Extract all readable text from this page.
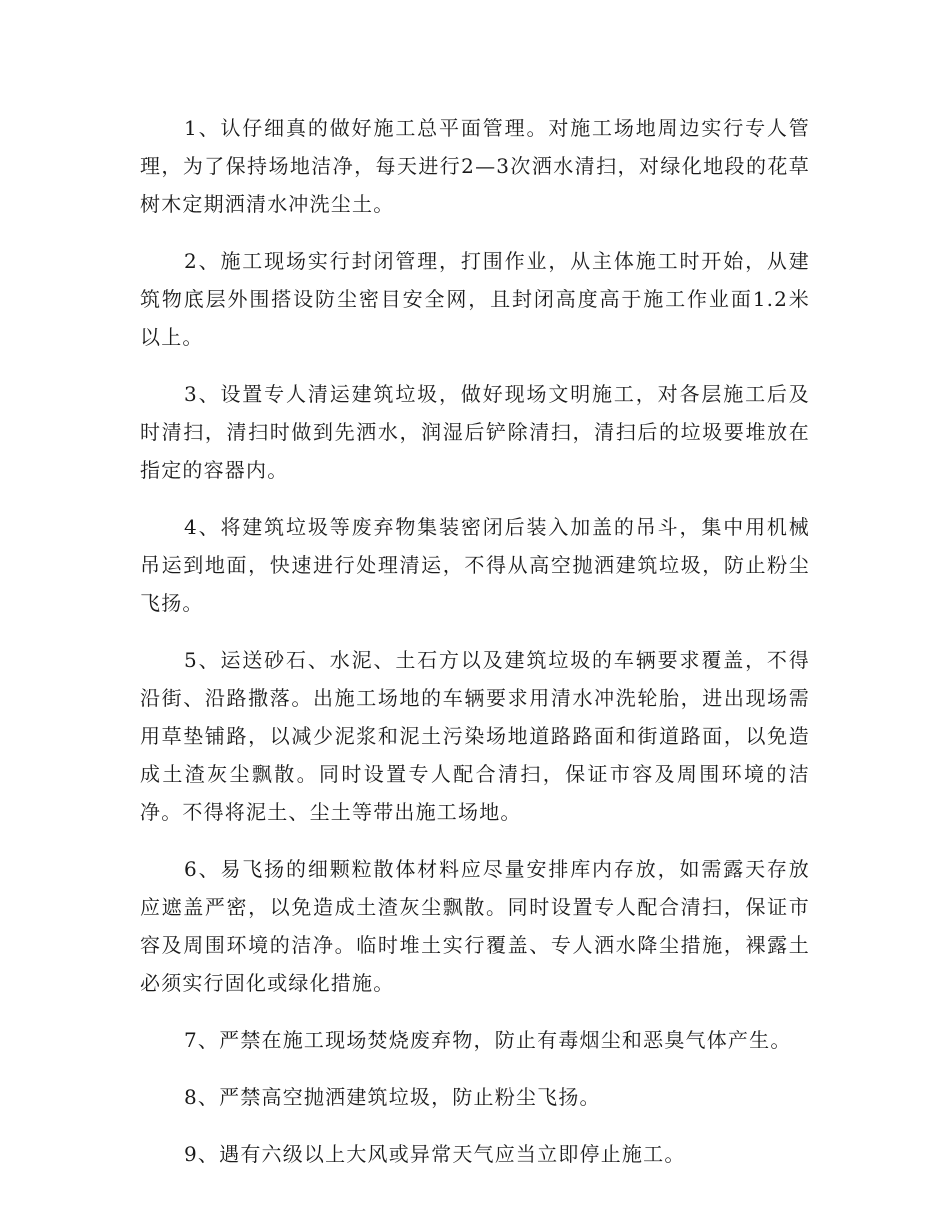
1、认仔细真的做好施工总平面管理。对施工场地周边实行专人管理，为了保持场地洁净，每天进行2—3次洒水清扫，对绿化地段的花草树木定期洒清水冲洗尘土。

2、施工现场实行封闭管理，打围作业，从主体施工时开始，从建筑物底层外围搭设防尘密目安全网，且封闭高度高于施工作业面1.2米以上。

3、设置专人清运建筑垃圾，做好现场文明施工，对各层施工后及时清扫，清扫时做到先洒水，润湿后铲除清扫，清扫后的垃圾要堆放在指定的容器内。

4、将建筑垃圾等废弃物集装密闭后装入加盖的吊斗，集中用机械吊运到地面，快速进行处理清运，不得从高空抛洒建筑垃圾，防止粉尘飞扬。

5、运送砂石、水泥、土石方以及建筑垃圾的车辆要求覆盖，不得沿街、沿路撒落。出施工场地的车辆要求用清水冲洗轮胎，进出现场需用草垫铺路，以减少泥浆和泥土污染场地道路路面和街道路面，以免造成土渣灰尘飘散。同时设置专人配合清扫，保证市容及周围环境的洁净。不得将泥土、尘土等带出施工场地。

6、易飞扬的细颗粒散体材料应尽量安排库内存放，如需露天存放应遮盖严密，以免造成土渣灰尘飘散。同时设置专人配合清扫，保证市容及周围环境的洁净。临时堆土实行覆盖、专人洒水降尘措施，裸露土必须实行固化或绿化措施。

7、严禁在施工现场焚烧废弃物，防止有毒烟尘和恶臭气体产生。

8、严禁高空抛洒建筑垃圾，防止粉尘飞扬。

9、遇有六级以上大风或异常天气应当立即停止施工。
